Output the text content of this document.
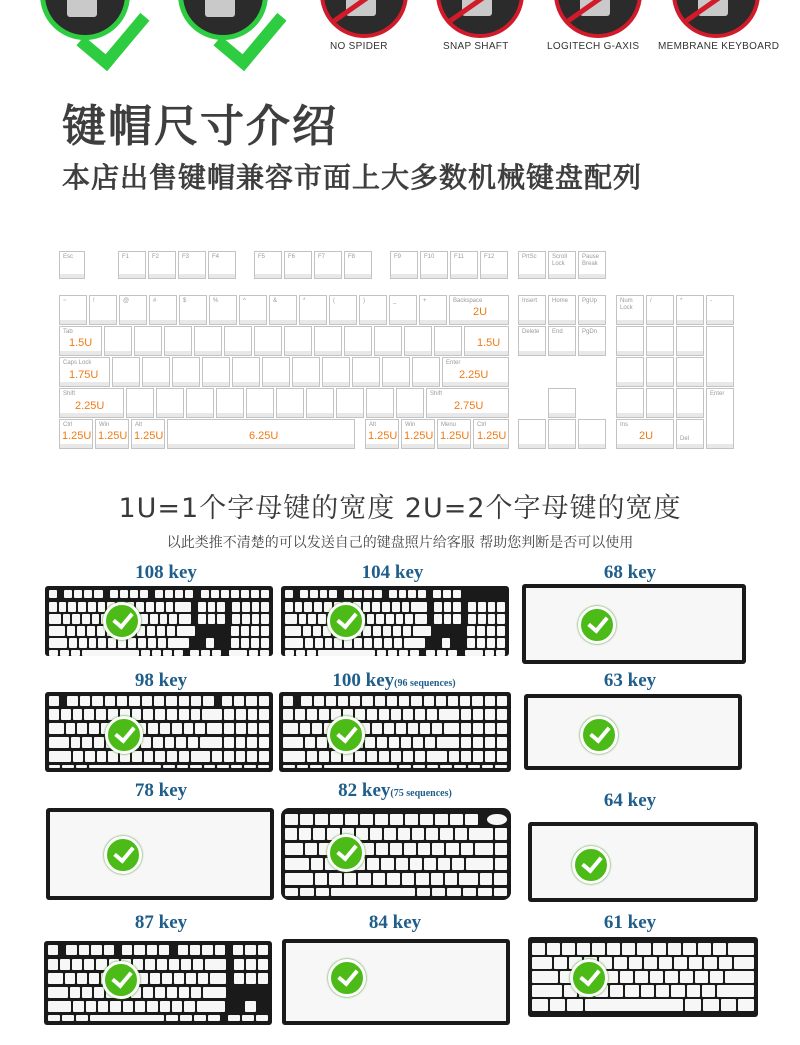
NO SPIDER	SNAP SHAFT	LOGITECH G-AXIS MEMBRANE KEYBOARD
键帽尺寸介绍
本店出售键帽兼容市面上大多数机械键盘配列
Esc	F1	F2	F3	F4	F5	F6	F7	F8	F9	F10	F11	F12	PrtSc	Scroll Lock
Pause Break
~	!	@	#	$	%	^	&	*	(	)	_	+	Backspace
2U
Insert Home PgUp	Num Lock
/	*	-
Tab
1.5U	1.5U
Delete End	PgDn
Caps Lock
1.75U
Enter
2.25U
Shift
2.25U
Shift
2.75U
Enter
Ctrl
1.25U
Win
1.25U
Alt
1.25U	6.25U
Alt
1.25U
Win
1.25U
Menu
1.25U
Ctrl
1.25U
Ins
2U	Del
1U=1个字母键的宽度 2U=2个字母键的宽度
以此类推不清楚的可以发送自己的键盘照片给客服 帮助您判断是否可以使用
108 key	104 key	68 key
98 key	100 key(96 sequences)	63 key
78 key	82 key(75 sequences)	64 key
87 key	84 key	61 key
